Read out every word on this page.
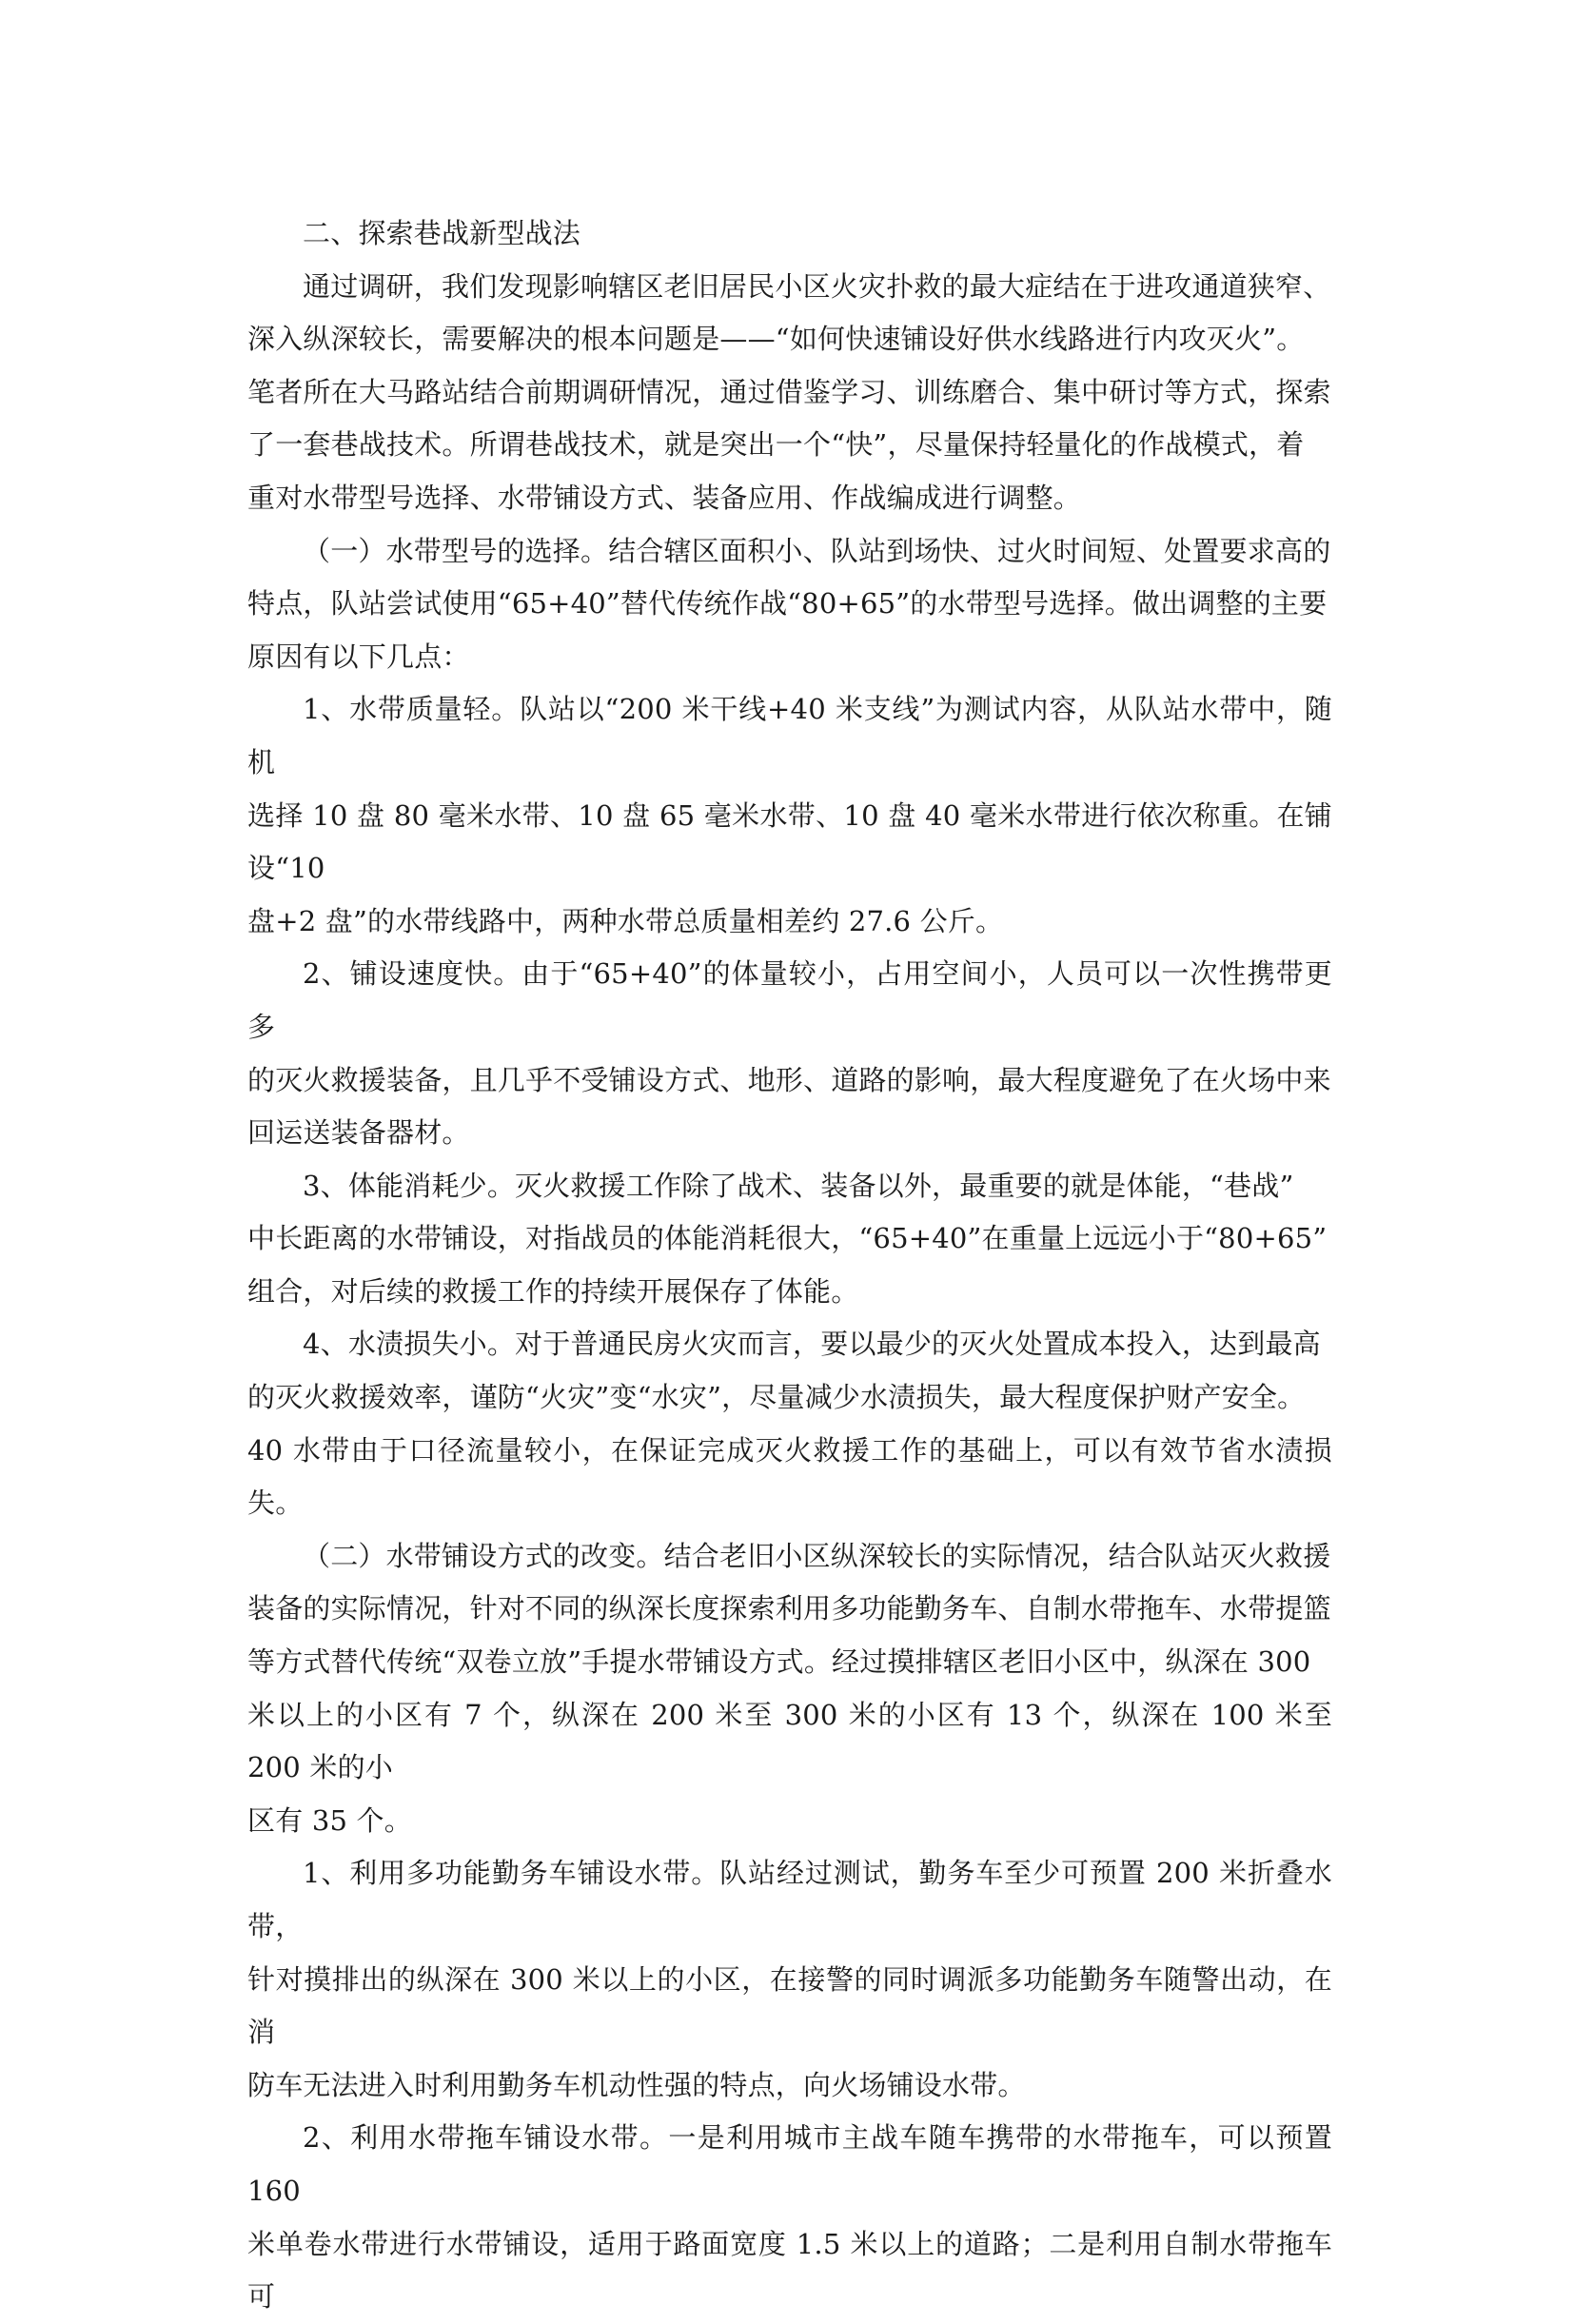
二、探索巷战新型战法

通过调研，我们发现影响辖区老旧居民小区火灾扑救的最大症结在于进攻通道狭窄、
深入纵深较长，需要解决的根本问题是——“如何快速铺设好供水线路进行内攻灭火”。
笔者所在大马路站结合前期调研情况，通过借鉴学习、训练磨合、集中研讨等方式，探索
了一套巷战技术。所谓巷战技术，就是突出一个“快”，尽量保持轻量化的作战模式，着
重对水带型号选择、水带铺设方式、装备应用、作战编成进行调整。

（一）水带型号的选择。结合辖区面积小、队站到场快、过火时间短、处置要求高的
特点，队站尝试使用“65+40”替代传统作战“80+65”的水带型号选择。做出调整的主要
原因有以下几点：

1、水带质量轻。队站以“200 米干线+40 米支线”为测试内容，从队站水带中，随机
选择 10 盘 80 毫米水带、10 盘 65 毫米水带、10 盘 40 毫米水带进行依次称重。在铺设“10
盘+2 盘”的水带线路中，两种水带总质量相差约 27.6 公斤。

2、铺设速度快。由于“65+40”的体量较小，占用空间小，人员可以一次性携带更多
的灭火救援装备，且几乎不受铺设方式、地形、道路的影响，最大程度避免了在火场中来
回运送装备器材。

3、体能消耗少。灭火救援工作除了战术、装备以外，最重要的就是体能，“巷战”
中长距离的水带铺设，对指战员的体能消耗很大，“65+40”在重量上远远小于“80+65”
组合，对后续的救援工作的持续开展保存了体能。

4、水渍损失小。对于普通民房火灾而言，要以最少的灭火处置成本投入，达到最高
的灭火救援效率，谨防“火灾”变“水灾”，尽量减少水渍损失，最大程度保护财产安全。
40 水带由于口径流量较小，在保证完成灭火救援工作的基础上，可以有效节省水渍损失。

（二）水带铺设方式的改变。结合老旧小区纵深较长的实际情况，结合队站灭火救援
装备的实际情况，针对不同的纵深长度探索利用多功能勤务车、自制水带拖车、水带提篮
等方式替代传统“双卷立放”手提水带铺设方式。经过摸排辖区老旧小区中，纵深在 300
米以上的小区有 7 个，纵深在 200 米至 300 米的小区有 13 个，纵深在 100 米至 200 米的小
区有 35 个。

1、利用多功能勤务车铺设水带。队站经过测试，勤务车至少可预置 200 米折叠水带，
针对摸排出的纵深在 300 米以上的小区，在接警的同时调派多功能勤务车随警出动，在消
防车无法进入时利用勤务车机动性强的特点，向火场铺设水带。

2、利用水带拖车铺设水带。一是利用城市主战车随车携带的水带拖车，可以预置 160
米单卷水带进行水带铺设，适用于路面宽度 1.5 米以上的道路；二是利用自制水带拖车可
